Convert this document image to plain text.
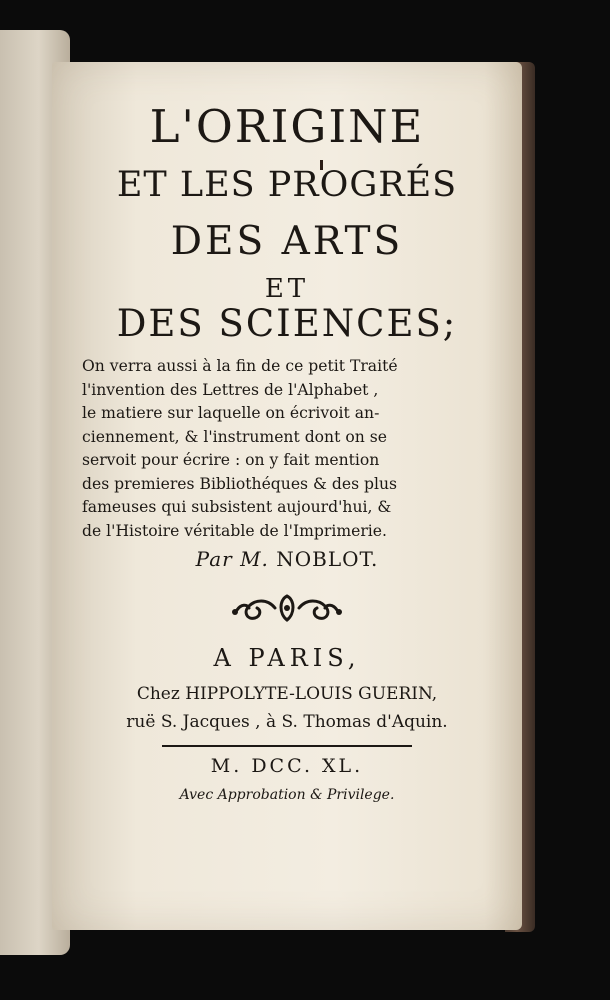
L'ORIGINE
ET LES PROGRÉS
DES ARTS
ET
DES SCIENCES;
On verra aussi à la fin de ce petit Traité
l'invention des Lettres de l'Alphabet ,
le matiere sur laquelle on écrivoit an-
ciennement, & l'instrument dont on se
servoit pour écrire : on y fait mention
des premieres Bibliothéques & des plus
fameuses qui subsistent aujourd'hui, &
de l'Histoire véritable de l'Imprimerie.
Par M. NOBLOT.
A PARIS,
Chez HIPPOLYTE-LOUIS GUERIN,
ruë S. Jacques , à S. Thomas d'Aquin.
M. DCC. XL.
Avec Approbation & Privilege.
